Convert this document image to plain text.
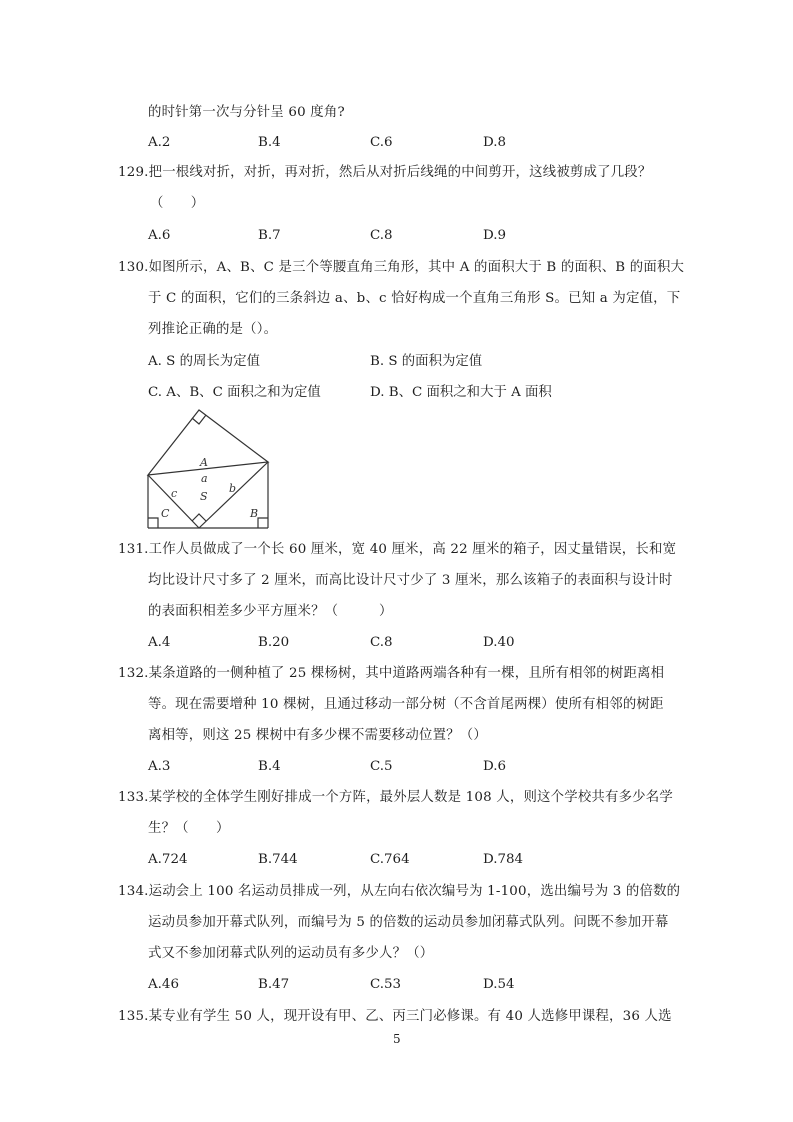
的时针第一次与分针呈 60 度角?
A.2	B.4	C.6	D.8
129.把一根线对折，对折，再对折，然后从对折后线绳的中间剪开，这线被剪成了几段？
（　　）
A.6	B.7	C.8	D.9
130.如图所示，A、B、C 是三个等腰直角三角形，其中 A 的面积大于 B 的面积、B 的面积大
于 C 的面积，它们的三条斜边 a、b、c 恰好构成一个直角三角形 S。已知 a 为定值，下
列推论正确的是（）。
A. S 的周长为定值	B. S 的面积为定值
C. A、B、C 面积之和为定值	D. B、C 面积之和大于 A 面积
A
a
c S
b
C	B
131.工作人员做成了一个长 60 厘米，宽 40 厘米，高 22 厘米的箱子，因丈量错误，长和宽
均比设计尺寸多了 2 厘米，而高比设计尺寸少了 3 厘米，那么该箱子的表面积与设计时
的表面积相差多少平方厘米？（　　　）
A.4	B.20	C.8	D.40
132.某条道路的一侧种植了 25 棵杨树，其中道路两端各种有一棵，且所有相邻的树距离相
等。现在需要增种 10 棵树，且通过移动一部分树（不含首尾两棵）使所有相邻的树距
离相等，则这 25 棵树中有多少棵不需要移动位置？（）
A.3	B.4	C.5	D.6
133.某学校的全体学生刚好排成一个方阵，最外层人数是 108 人，则这个学校共有多少名学
生？（　　）
A.724	B.744	C.764	D.784
134.运动会上 100 名运动员排成一列，从左向右依次编号为 1-100，选出编号为 3 的倍数的
运动员参加开幕式队列，而编号为 5 的倍数的运动员参加闭幕式队列。问既不参加开幕
式又不参加闭幕式队列的运动员有多少人？（）
A.46	B.47	C.53	D.54
135.某专业有学生 50 人，现开设有甲、乙、丙三门必修课。有 40 人选修甲课程，36 人选
5
